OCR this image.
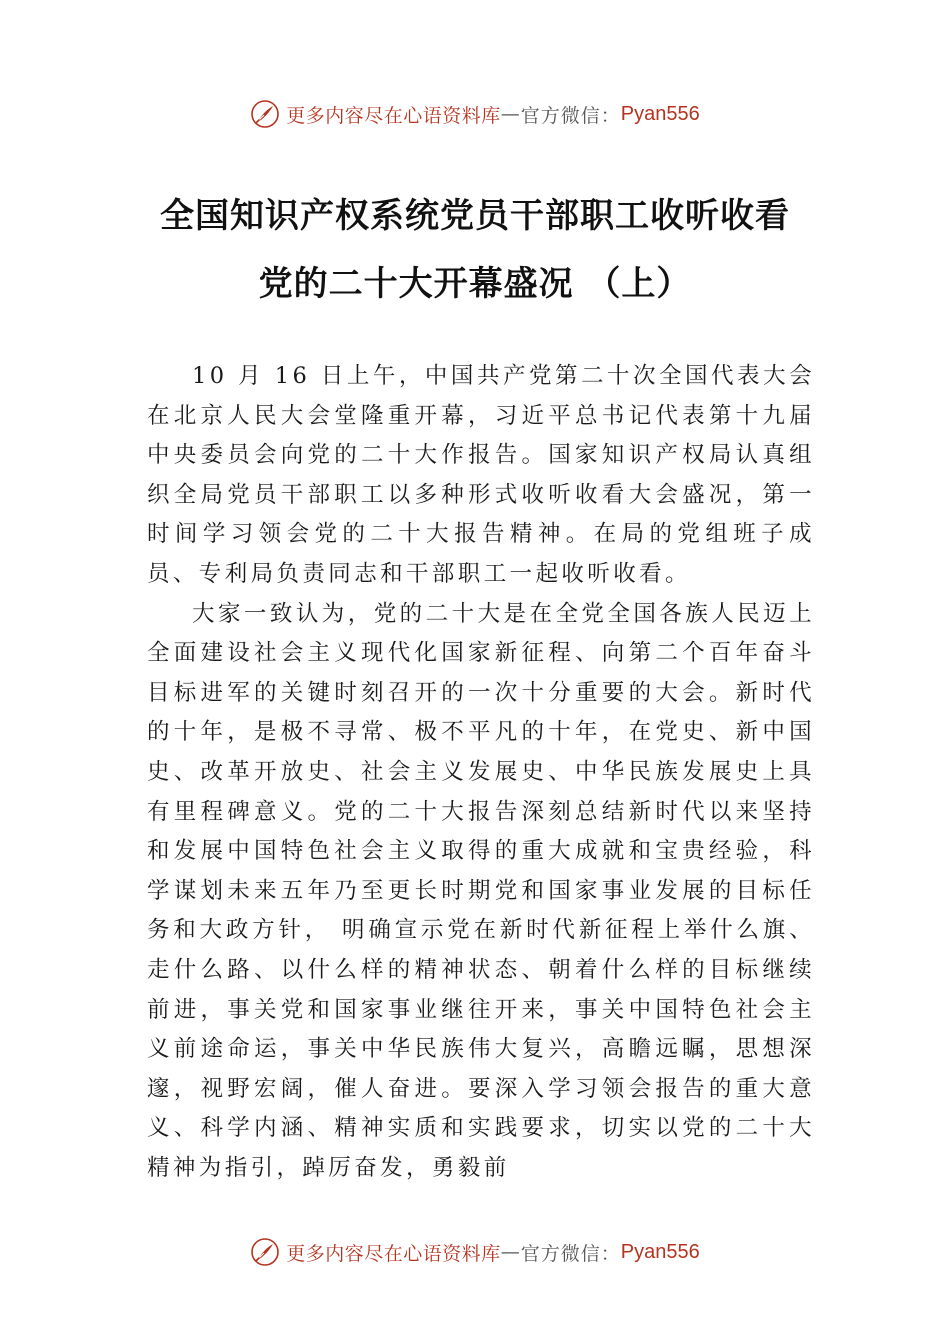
更多内容尽在心语资料库 — 官方微信： Pyan556
全国知识产权系统党员干部职工收听收看
党的二十大开幕盛况 （上）

10 月 16 日上午，中国共产党第二十次全国代表大会在北京人民大会堂隆重开幕，习近平总书记代表第十九届中央委员会向党的二十大作报告。国家知识产权局认真组织全局党员干部职工以多种形式收听收看大会盛况，第一时间学习领会党的二十大报告精神。在局的党组班子成员、专利局负责同志和干部职工一起收听收看。

大家一致认为，党的二十大是在全党全国各族人民迈上全面建设社会主义现代化国家新征程、向第二个百年奋斗目标进军的关键时刻召开的一次十分重要的大会。新时代的十年，是极不寻常、极不平凡的十年，在党史、新中国史、改革开放史、社会主义发展史、中华民族发展史上具有里程碑意义。党的二十大报告深刻总结新时代以来坚持和发展中国特色社会主义取得的重大成就和宝贵经验，科学谋划未来五年乃至更长时期党和国家事业发展的目标任务和大政方针， 明确宣示党在新时代新征程上举什么旗、走什么路、以什么样的精神状态、朝着什么样的目标继续前进，事关党和国家事业继往开来，事关中国特色社会主义前途命运，事关中华民族伟大复兴，高瞻远瞩，思想深邃，视野宏阔，催人奋进。要深入学习领会报告的重大意义、科学内涵、精神实质和实践要求，切实以党的二十大精神为指引，踔厉奋发，勇毅前

更多内容尽在心语资料库 — 官方微信： Pyan556
